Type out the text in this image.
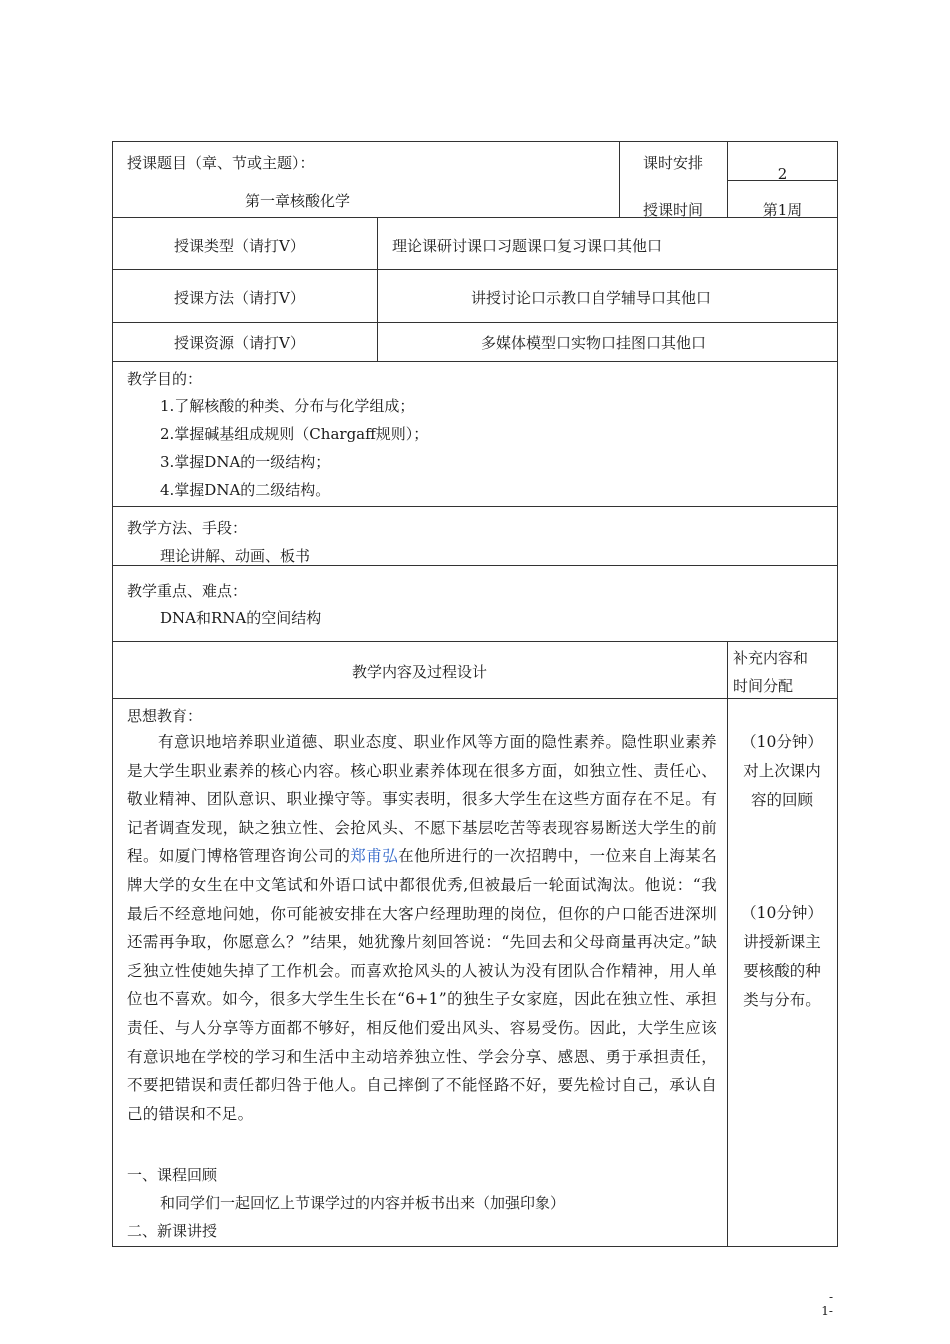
授课题目（章、节或主题）：
第一章核酸化学
课时安排
2
授课时间	第1周
授课类型（请打V）	理论课研讨课口习题课口复习课口其他口
授课方法（请打V）	讲授讨论口示教口自学辅导口其他口
授课资源（请打V）	多媒体模型口实物口挂图口其他口
教学目的：
1.了解核酸的种类、分布与化学组成；
2.掌握碱基组成规则（Chargaff规则）；
3.掌握DNA的一级结构；
4.掌握DNA的二级结构。
教学方法、手段：
理论讲解、动画、板书
教学重点、难点：
DNA和RNA的空间结构
教学内容及过程设计
补充内容和
时间分配
思想教育：

有意识地培养职业道德、职业态度、职业作风等方面的隐性素养。隐性职业素养是大学生职业素养的核心内容。核心职业素养体现在很多方面，如独立性、责任心、敬业精神、团队意识、职业操守等。事实表明，很多大学生在这些方面存在不足。有记者调查发现，缺之独立性、会抢风头、不愿下基层吃苦等表现容易断送大学生的前程。如厦门博格管理咨询公司的郑甫弘在他所进行的一次招聘中，一位来自上海某名牌大学的女生在中文笔试和外语口试中都很优秀,但被最后一轮面试淘汰。他说：“我最后不经意地问她，你可能被安排在大客户经理助理的岗位，但你的户口能否进深圳还需再争取，你愿意么？”结果，她犹豫片刻回答说：“先回去和父母商量再决定。”缺乏独立性使她失掉了工作机会。而喜欢抢风头的人被认为没有团队合作精神，用人单位也不喜欢。如今，很多大学生生长在“6+1”的独生子女家庭，因此在独立性、承担责任、与人分享等方面都不够好，相反他们爱出风头、容易受伤。因此，大学生应该有意识地在学校的学习和生活中主动培养独立性、学会分享、感恩、勇于承担责任，不要把错误和责任都归咎于他人。自己摔倒了不能怪路不好，要先检讨自己，承认自己的错误和不足。

一、课程回顾
和同学们一起回忆上节课学过的内容并板书出来（加强印象）
二、新课讲授
（10分钟）
对上次课内
容的回顾
（10分钟）
讲授新课主
要核酸的种
类与分布。
-
1-
